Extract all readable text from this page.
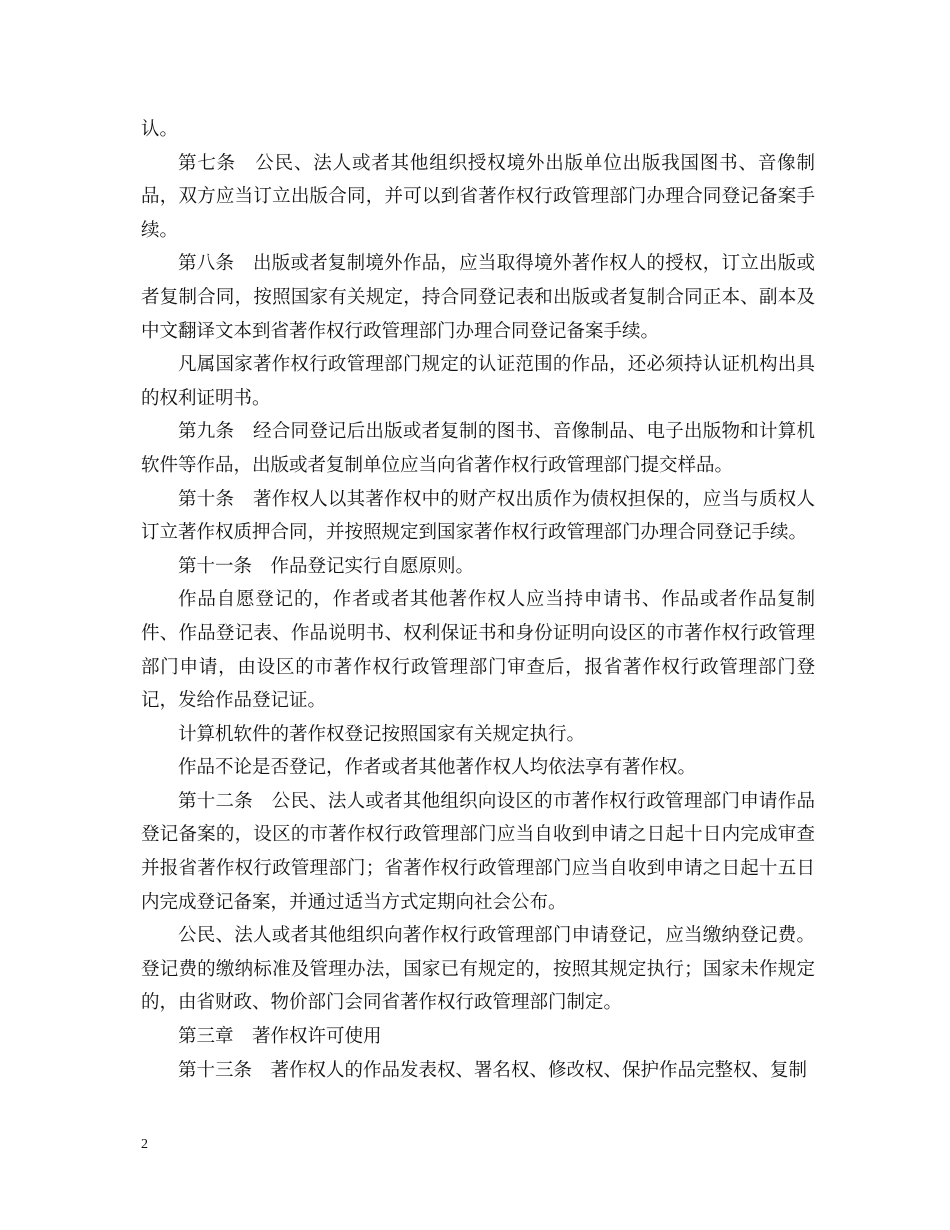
认。

第七条　公民、法人或者其他组织授权境外出版单位出版我国图书、音像制品，双方应当订立出版合同，并可以到省著作权行政管理部门办理合同登记备案手续。

第八条　出版或者复制境外作品，应当取得境外著作权人的授权，订立出版或者复制合同，按照国家有关规定，持合同登记表和出版或者复制合同正本、副本及中文翻译文本到省著作权行政管理部门办理合同登记备案手续。

凡属国家著作权行政管理部门规定的认证范围的作品，还必须持认证机构出具的权利证明书。

第九条　经合同登记后出版或者复制的图书、音像制品、电子出版物和计算机软件等作品，出版或者复制单位应当向省著作权行政管理部门提交样品。

第十条　著作权人以其著作权中的财产权出质作为债权担保的，应当与质权人订立著作权质押合同，并按照规定到国家著作权行政管理部门办理合同登记手续。

第十一条　作品登记实行自愿原则。

作品自愿登记的，作者或者其他著作权人应当持申请书、作品或者作品复制件、作品登记表、作品说明书、权利保证书和身份证明向设区的市著作权行政管理部门申请，由设区的市著作权行政管理部门审查后，报省著作权行政管理部门登记，发给作品登记证。

计算机软件的著作权登记按照国家有关规定执行。

作品不论是否登记，作者或者其他著作权人均依法享有著作权。

第十二条　公民、法人或者其他组织向设区的市著作权行政管理部门申请作品登记备案的，设区的市著作权行政管理部门应当自收到申请之日起十日内完成审查并报省著作权行政管理部门；省著作权行政管理部门应当自收到申请之日起十五日内完成登记备案，并通过适当方式定期向社会公布。

公民、法人或者其他组织向著作权行政管理部门申请登记，应当缴纳登记费。登记费的缴纳标准及管理办法，国家已有规定的，按照其规定执行；国家未作规定的，由省财政、物价部门会同省著作权行政管理部门制定。

第三章　著作权许可使用

第十三条　著作权人的作品发表权、署名权、修改权、保护作品完整权、复制

2
